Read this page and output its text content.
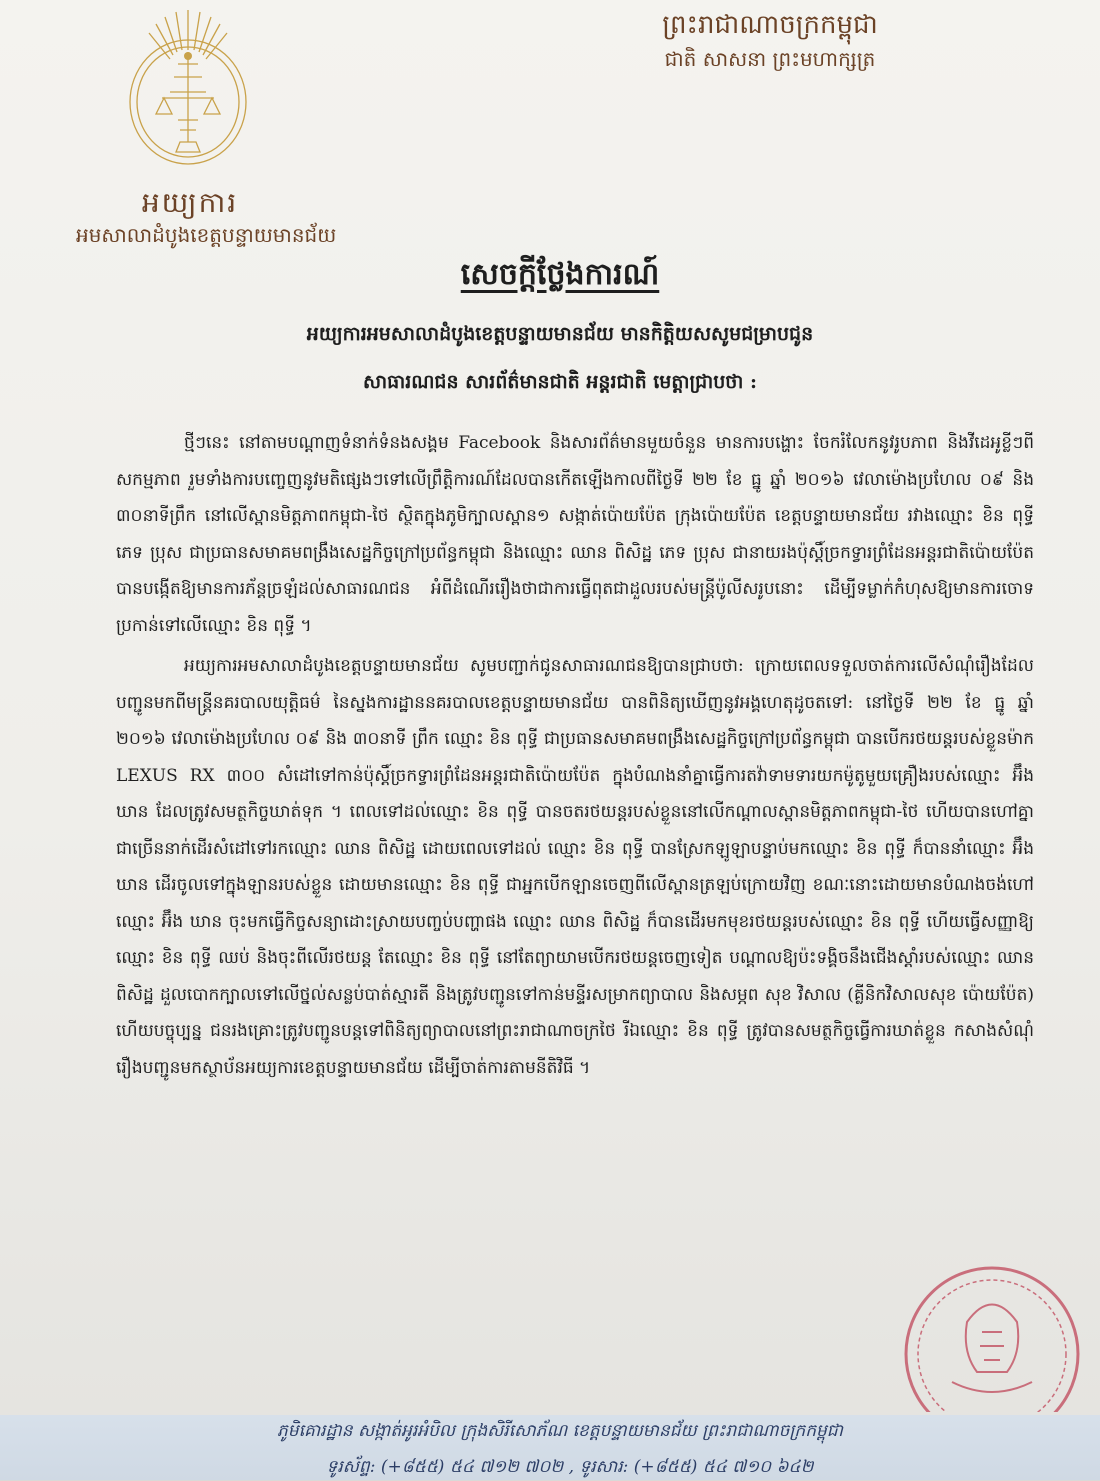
អយ្យការ
អមសាលាដំបូងខេត្តបន្ទាយមានជ័យ
ព្រះរាជាណាចក្រកម្ពុជា
ជាតិ សាសនា ព្រះមហាក្សត្រ
សេចក្តីថ្លែងការណ៍
អយ្យការអមសាលាដំបូងខេត្តបន្ទាយមានជ័យ មានកិត្តិយសសូមជម្រាបជូន
សាធារណជន សារព័ត៌មានជាតិ អន្តរជាតិ មេត្តាជ្រាបថា :

ថ្មីៗនេះ នៅតាមបណ្តាញទំនាក់ទំនងសង្គម Facebook និងសារព័ត៌មានមួយចំនួន មានការបង្ហោះ ចែករំលែកនូវរូបភាព និងវីដេអូខ្លីៗពីសកម្មភាព រួមទាំងការបញ្ចេញនូវមតិផ្សេងៗទៅលើព្រឹត្តិការណ៍ដែលបានកើតឡើងកាលពីថ្ងៃទី ២២ ខែ ធ្នូ ឆ្នាំ ២០១៦ វេលាម៉ោងប្រហែល ០៩ និង ៣០នាទីព្រឹក នៅលើស្ពានមិត្តភាពកម្ពុជា-ថៃ ស្ថិតក្នុងភូមិក្បាលស្ពាន១ សង្កាត់ប៉ោយប៉ែត ក្រុងប៉ោយប៉ែត ខេត្តបន្ទាយមានជ័យ រវាងឈ្មោះ ខិន ពុទ្ធី ភេទ ប្រុស ជាប្រធានសមាគមពង្រឹងសេដ្ឋកិច្ចក្រៅប្រព័ន្ធកម្ពុជា និងឈ្មោះ ឈាន ពិសិដ្ឋ ភេទ ប្រុស ជានាយរងប៉ុស្តិ៍ច្រកទ្វារព្រំដែនអន្តរជាតិប៉ោយប៉ែត បានបង្កើតឱ្យមានការភ័ន្តច្រឡំដល់សាធារណជន អំពីដំណើររឿងថាជាការធ្វើពុតជាដួលរបស់មន្ត្រីប៉ូលីសរូបនោះ ដើម្បីទម្លាក់កំហុសឱ្យមានការចោទប្រកាន់ទៅលើឈ្មោះ ខិន ពុទ្ធី ។

អយ្យការអមសាលាដំបូងខេត្តបន្ទាយមានជ័យ សូមបញ្ជាក់ជូនសាធារណជនឱ្យបានជ្រាបថា: ក្រោយពេលទទួលចាត់ការលើសំណុំរឿងដែលបញ្ជូនមកពីមន្ត្រីនគរបាលយុត្តិធម៌ នៃស្នងការដ្ឋាននគរបាលខេត្តបន្ទាយមានជ័យ បានពិនិត្យឃើញនូវអង្គហេតុដូចតទៅ: នៅថ្ងៃទី ២២ ខែ ធ្នូ ឆ្នាំ ២០១៦ វេលាម៉ោងប្រហែល ០៩ និង ៣០នាទី ព្រឹក ឈ្មោះ ខិន ពុទ្ធី ជាប្រធានសមាគមពង្រឹងសេដ្ឋកិច្ចក្រៅប្រព័ន្ធកម្ពុជា បានបើករថយន្តរបស់ខ្លួនម៉ាក LEXUS RX ៣០០ សំដៅទៅកាន់ប៉ុស្តិ៍ច្រកទ្វារព្រំដែនអន្តរជាតិប៉ោយប៉ែត ក្នុងបំណងនាំគ្នាធ្វើការតវ៉ាទាមទារយកម៉ូតូមួយគ្រឿងរបស់ឈ្មោះ អ៊ឹង ឃាន ដែលត្រូវសមត្ថកិច្ចឃាត់ទុក ។ ពេលទៅដល់ឈ្មោះ ខិន ពុទ្ធី បានចតរថយន្តរបស់ខ្លួននៅលើកណ្តាលស្ពានមិត្តភាពកម្ពុជា-ថៃ ហើយបានហៅគ្នាជាច្រើននាក់ដើរសំដៅទៅរកឈ្មោះ ឈាន ពិសិដ្ឋ ដោយពេលទៅដល់ ឈ្មោះ ខិន ពុទ្ធី បានស្រែកឡូឡាបន្ទាប់មកឈ្មោះ ខិន ពុទ្ធី ក៏បាននាំឈ្មោះ អ៊ឹង ឃាន ដើរចូលទៅក្នុងឡានរបស់ខ្លួន ដោយមានឈ្មោះ ខិន ពុទ្ធី ជាអ្នកបើកឡានចេញពីលើស្ពានត្រឡប់ក្រោយវិញ ខណៈនោះដោយមានបំណងចង់ហៅឈ្មោះ អ៊ឹង ឃាន ចុះមកធ្វើកិច្ចសន្យាដោះស្រាយបញ្ចប់បញ្ហាផង ឈ្មោះ ឈាន ពិសិដ្ឋ ក៏បានដើរមកមុខរថយន្តរបស់ឈ្មោះ ខិន ពុទ្ធី ហើយធ្វើសញ្ញាឱ្យឈ្មោះ ខិន ពុទ្ធី ឈប់ និងចុះពីលើរថយន្ត តែឈ្មោះ ខិន ពុទ្ធី នៅតែព្យាយាមបើករថយន្តចេញទៀត បណ្តាលឱ្យប៉ះទង្គិចនឹងជើងស្តាំរបស់ឈ្មោះ ឈាន ពិសិដ្ឋ ដួលបោកក្បាលទៅលើថ្នល់សន្លប់បាត់ស្មារតី និងត្រូវបញ្ជូនទៅកាន់មន្ទីរសម្រាកព្យាបាល និងសម្ភព សុខ វិសាល (គ្លីនិកវិសាលសុខ ប៉ោយប៉ែត) ហើយបច្ចុប្បន្ន ជនរងគ្រោះត្រូវបញ្ជូនបន្តទៅពិនិត្យព្យាបាលនៅព្រះរាជាណាចក្រថៃ រីឯឈ្មោះ ខិន ពុទ្ធី ត្រូវបានសមត្ថកិច្ចធ្វើការឃាត់ខ្លួន កសាងសំណុំរឿងបញ្ជូនមកស្ថាប័នអយ្យការខេត្តបន្ទាយមានជ័យ ដើម្បីចាត់ការតាមនីតិវិធី ។

ភូមិគោរដ្ឋាន សង្កាត់អូរអំបិល ក្រុងសិរីសោភ័ណ ខេត្តបន្ទាយមានជ័យ ព្រះរាជាណាចក្រកម្ពុជា
ទូរស័ព្ទ: (+៨៥៥) ៥៤ ៧១២ ៧០២ , ទូរសារ: (+៨៥៥) ៥៤ ៧១០ ៦៤២
